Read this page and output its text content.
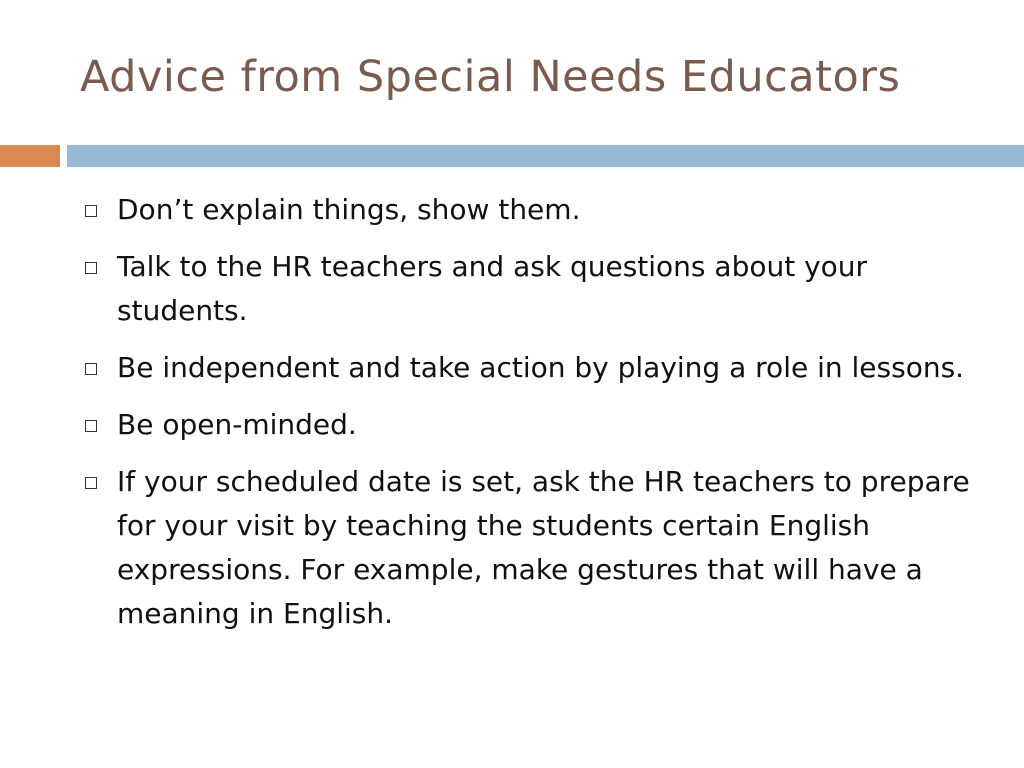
Advice from Special Needs Educators
Don’t explain things, show them.
Talk to the HR teachers and ask questions about your students.
Be independent and take action by playing a role in lessons.
Be open-minded.
If your scheduled date is set, ask the HR teachers to prepare for your visit by teaching the students certain English expressions. For example, make gestures that will have a meaning in English.
